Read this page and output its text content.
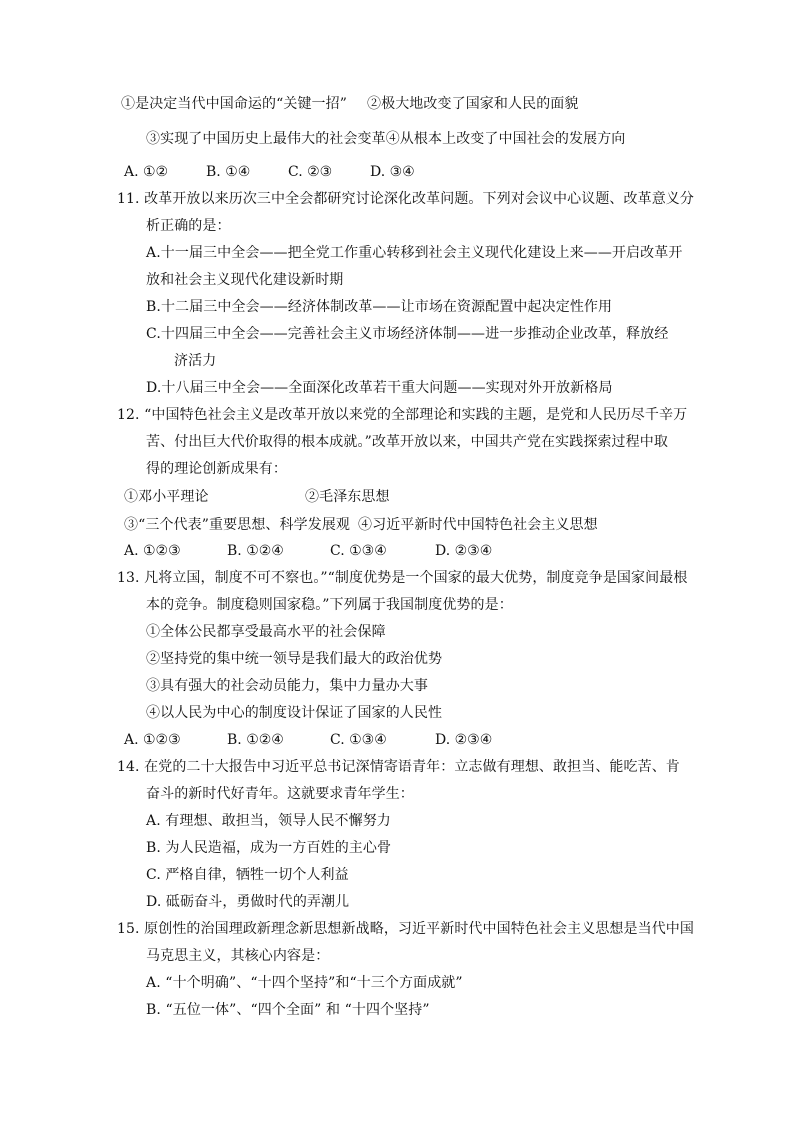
①是决定当代中国命运的“关键一招” ②极大地改变了国家和人民的面貌
③实现了中国历史上最伟大的社会变革④从根本上改变了中国社会的发展方向
A. ①②	B. ①④	C. ②③	D. ③④
11. 改革开放以来历次三中全会都研究讨论深化改革问题。下列对会议中心议题、改革意义分
析正确的是：
A.十一届三中全会——把全党工作重心转移到社会主义现代化建设上来——开启改革开
放和社会主义现代化建设新时期
B.十二届三中全会——经济体制改革——让市场在资源配置中起决定性作用
C.十四届三中全会——完善社会主义市场经济体制——进一步推动企业改革，释放经
济活力
D.十八届三中全会——全面深化改革若干重大问题——实现对外开放新格局
12. “中国特色社会主义是改革开放以来党的全部理论和实践的主题，是党和人民历尽千辛万
苦、付出巨大代价取得的根本成就。”改革开放以来，中国共产党在实践探索过程中取
得的理论创新成果有：
①邓小平理论	②毛泽东思想
③“三个代表”重要思想、科学发展观 ④习近平新时代中国特色社会主义思想
A. ①②③	B. ①②④	C. ①③④	D. ②③④
13. 凡将立国，制度不可不察也。”“制度优势是一个国家的最大优势，制度竞争是国家间最根
本的竞争。制度稳则国家稳。”下列属于我国制度优势的是：
①全体公民都享受最高水平的社会保障
②坚持党的集中统一领导是我们最大的政治优势
③具有强大的社会动员能力，集中力量办大事
④以人民为中心的制度设计保证了国家的人民性
A. ①②③	B. ①②④	C. ①③④	D. ②③④
14. 在党的二十大报告中习近平总书记深情寄语青年：立志做有理想、敢担当、能吃苦、肯
奋斗的新时代好青年。这就要求青年学生：
A. 有理想、敢担当，领导人民不懈努力
B. 为人民造福，成为一方百姓的主心骨
C. 严格自律，牺牲一切个人利益
D. 砥砺奋斗，勇做时代的弄潮儿
15. 原创性的治国理政新理念新思想新战略，习近平新时代中国特色社会主义思想是当代中国
马克思主义，其核心内容是：
A. “十个明确”、“十四个坚持”和“十三个方面成就”
B. “五位一体”、“四个全面” 和 “十四个坚持”
